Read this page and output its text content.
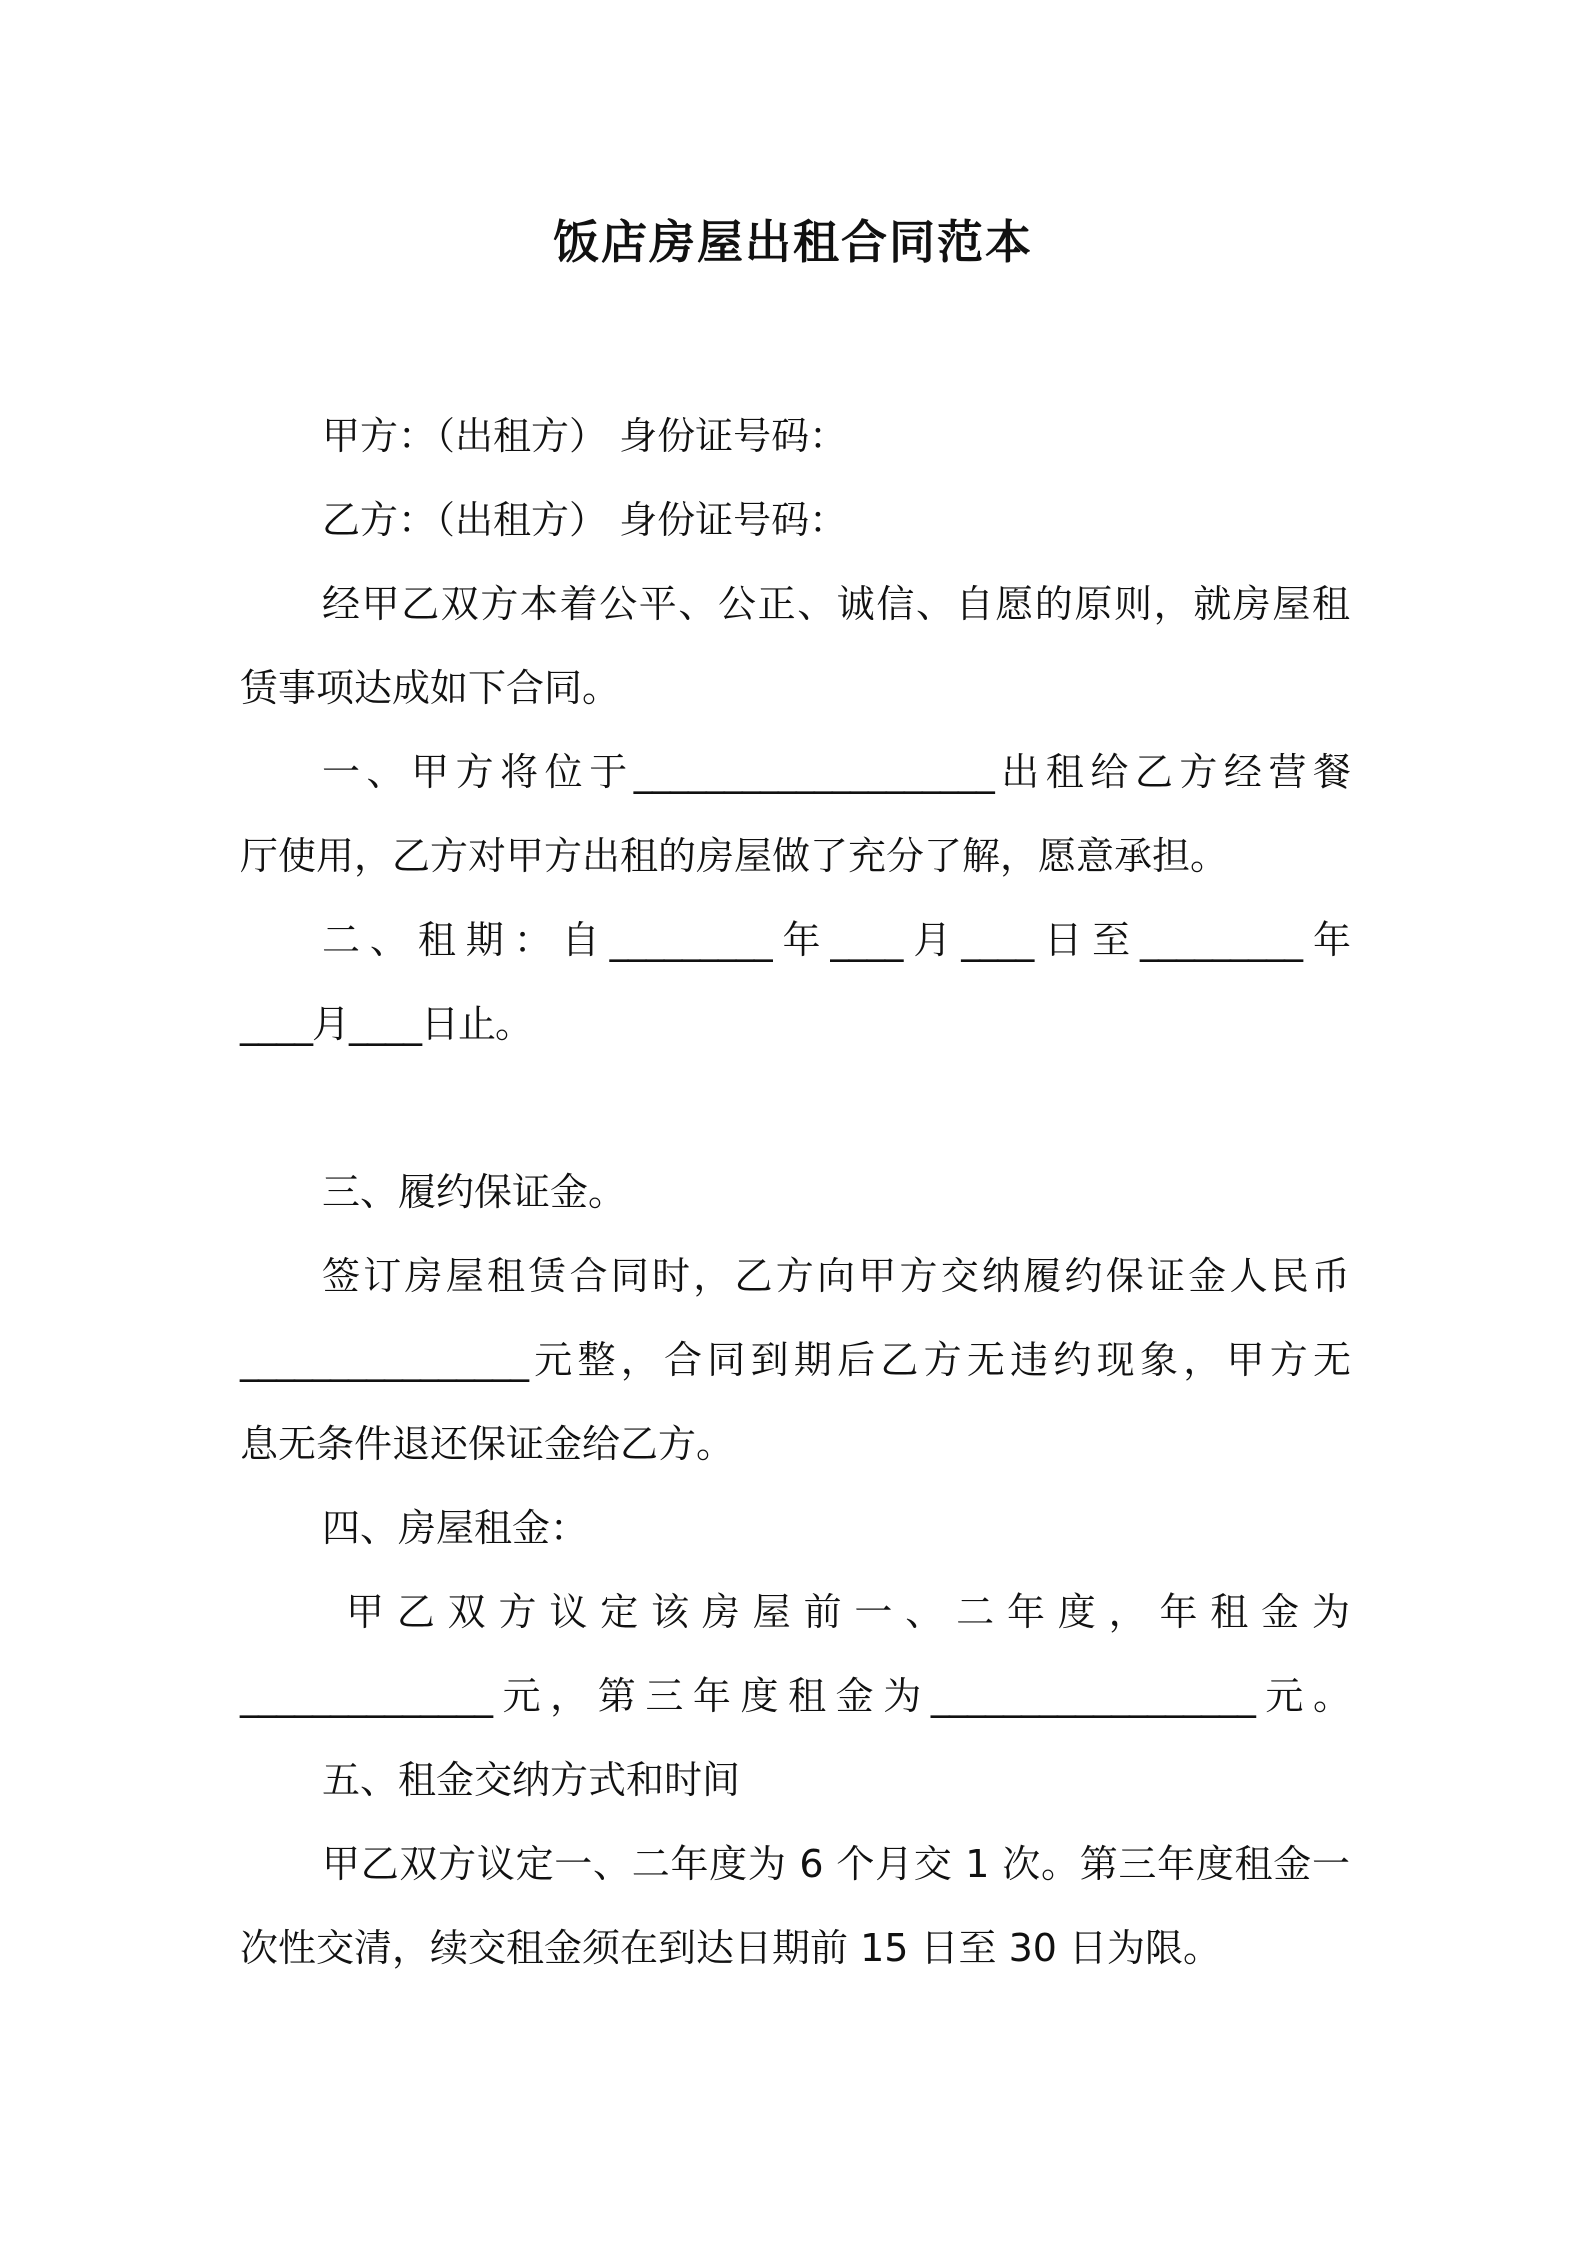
饭店房屋出租合同范本
甲方：（出租方） 身份证号码：
乙方：（出租方） 身份证号码：
经甲乙双方本着公平、公正、诚信、自愿的原则，就房屋租
赁事项达成如下合同。
一、甲方将位于____________________出租给乙方经营餐
厅使用，乙方对甲方出租的房屋做了充分了解，愿意承担。
二、租期：自_________年____月____日至_________年
____月____日止。
三、履约保证金。
签订房屋租赁合同时，乙方向甲方交纳履约保证金人民币
________________元整，合同到期后乙方无违约现象，甲方无
息无条件退还保证金给乙方。
四、房屋租金：
甲乙双方议定该房屋前一、二年度，年租金为
______________元，第三年度租金为__________________元。
五、租金交纳方式和时间
甲乙双方议定一、二年度为 6 个月交 1 次。第三年度租金一
次性交清，续交租金须在到达日期前 15 日至 30 日为限。
